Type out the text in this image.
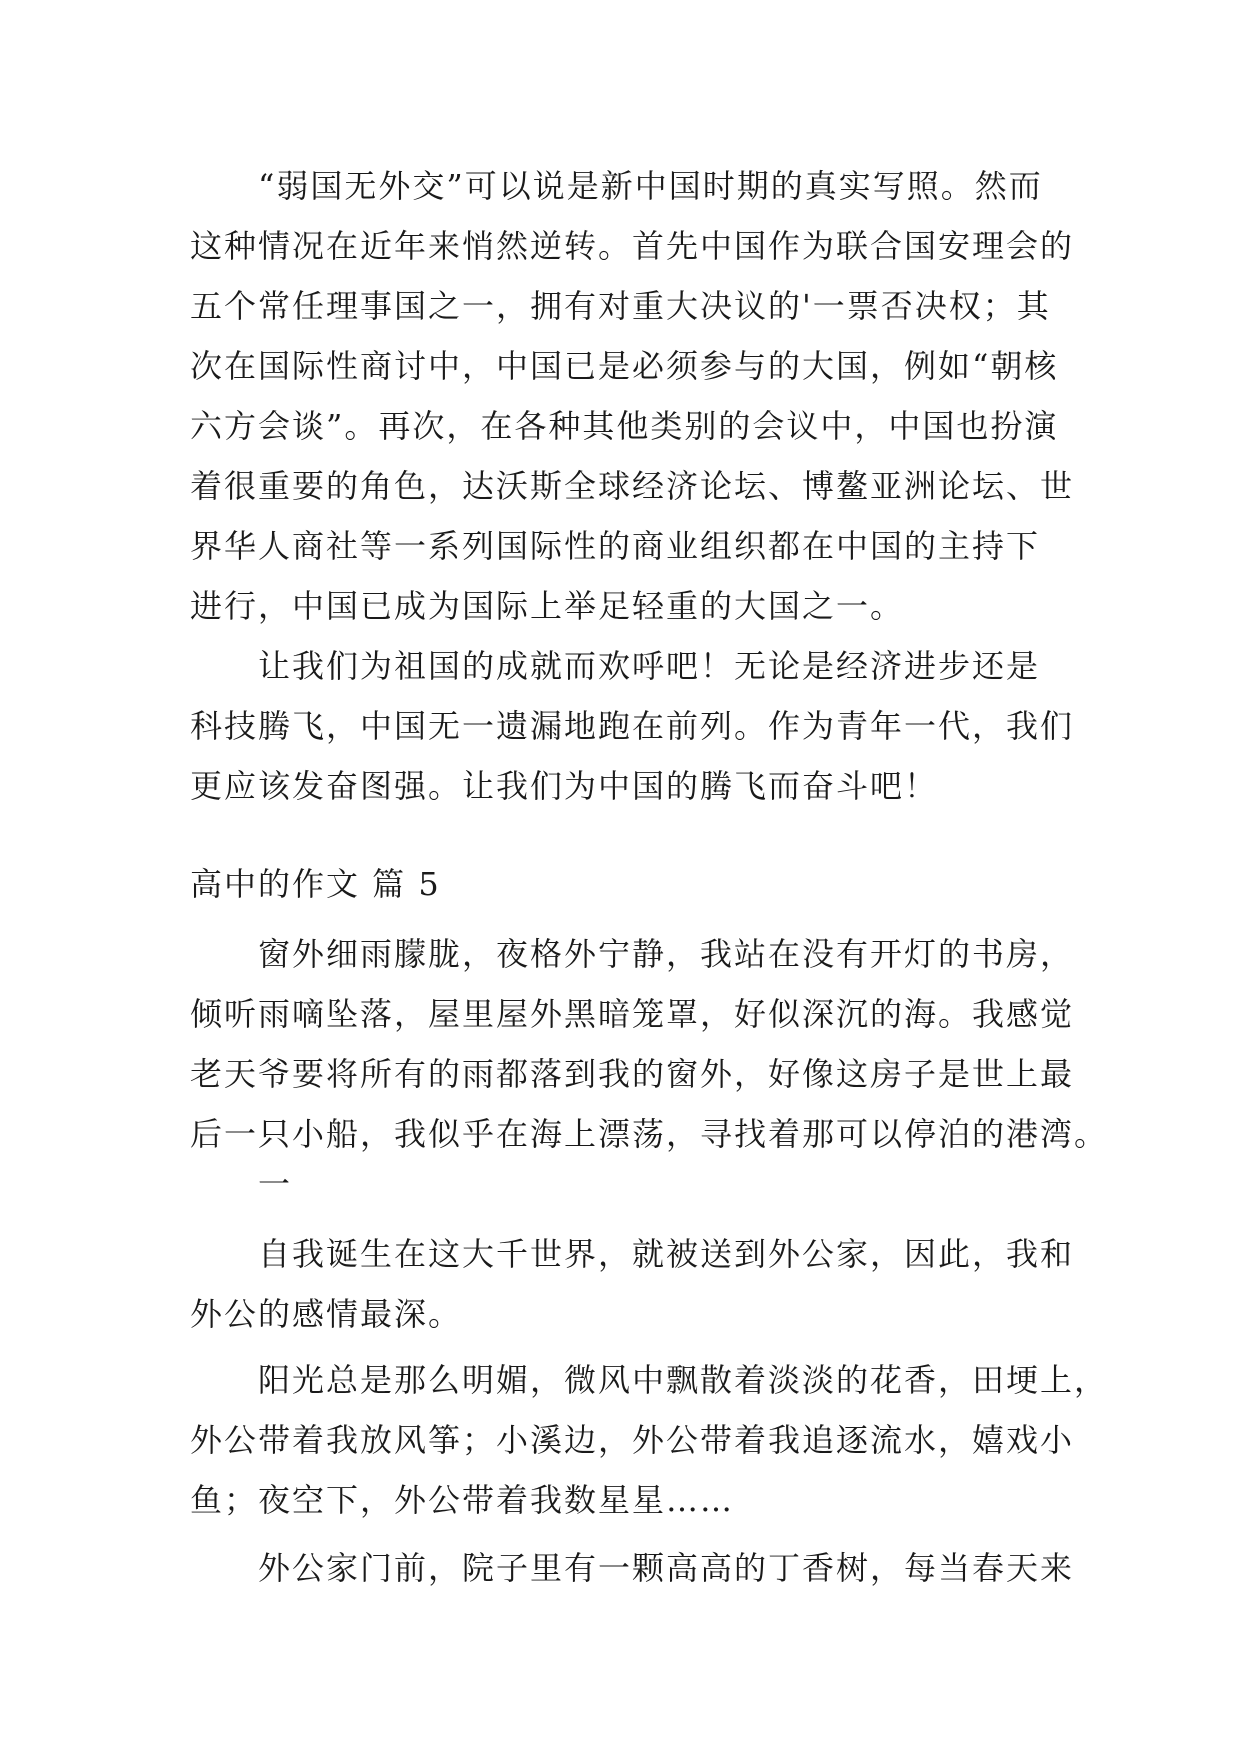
“弱国无外交”可以说是新中国时期的真实写照。然而
这种情况在近年来悄然逆转。首先中国作为联合国安理会的
五个常任理事国之一，拥有对重大决议的'一票否决权；其
次在国际性商讨中，中国已是必须参与的大国，例如“朝核
六方会谈”。再次，在各种其他类别的会议中，中国也扮演
着很重要的角色，达沃斯全球经济论坛、博鳌亚洲论坛、世
界华人商社等一系列国际性的商业组织都在中国的主持下
进行，中国已成为国际上举足轻重的大国之一。
让我们为祖国的成就而欢呼吧！无论是经济进步还是
科技腾飞，中国无一遗漏地跑在前列。作为青年一代，我们
更应该发奋图强。让我们为中国的腾飞而奋斗吧！
高中的作文 篇 5
窗外细雨朦胧，夜格外宁静，我站在没有开灯的书房，
倾听雨嘀坠落，屋里屋外黑暗笼罩，好似深沉的海。我感觉
老天爷要将所有的雨都落到我的窗外，好像这房子是世上最
后一只小船，我似乎在海上漂荡，寻找着那可以停泊的港湾。
一
自我诞生在这大千世界，就被送到外公家，因此，我和
外公的感情最深。
阳光总是那么明媚，微风中飘散着淡淡的花香，田埂上，
外公带着我放风筝；小溪边，外公带着我追逐流水，嬉戏小
鱼；夜空下，外公带着我数星星……
外公家门前，院子里有一颗高高的丁香树，每当春天来
